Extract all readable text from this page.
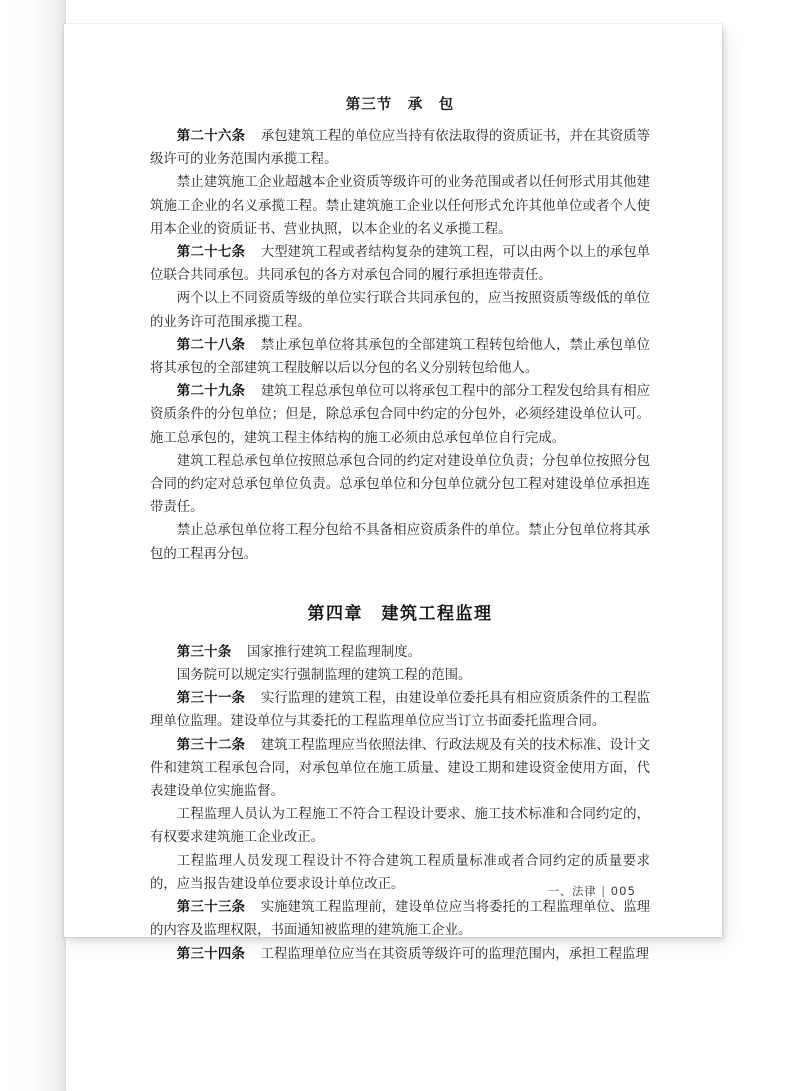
第三节　承　包

第二十六条 承包建筑工程的单位应当持有依法取得的资质证书，并在其资质等级许可的业务范围内承揽工程。

禁止建筑施工企业超越本企业资质等级许可的业务范围或者以任何形式用其他建筑施工企业的名义承揽工程。禁止建筑施工企业以任何形式允许其他单位或者个人使用本企业的资质证书、营业执照，以本企业的名义承揽工程。

第二十七条 大型建筑工程或者结构复杂的建筑工程，可以由两个以上的承包单位联合共同承包。共同承包的各方对承包合同的履行承担连带责任。

两个以上不同资质等级的单位实行联合共同承包的，应当按照资质等级低的单位的业务许可范围承揽工程。

第二十八条 禁止承包单位将其承包的全部建筑工程转包给他人，禁止承包单位将其承包的全部建筑工程肢解以后以分包的名义分别转包给他人。

第二十九条 建筑工程总承包单位可以将承包工程中的部分工程发包给具有相应资质条件的分包单位；但是，除总承包合同中约定的分包外，必须经建设单位认可。施工总承包的，建筑工程主体结构的施工必须由总承包单位自行完成。

建筑工程总承包单位按照总承包合同的约定对建设单位负责；分包单位按照分包合同的约定对总承包单位负责。总承包单位和分包单位就分包工程对建设单位承担连带责任。

禁止总承包单位将工程分包给不具备相应资质条件的单位。禁止分包单位将其承包的工程再分包。

第四章　建筑工程监理

第三十条 国家推行建筑工程监理制度。

国务院可以规定实行强制监理的建筑工程的范围。

第三十一条 实行监理的建筑工程，由建设单位委托具有相应资质条件的工程监理单位监理。建设单位与其委托的工程监理单位应当订立书面委托监理合同。

第三十二条 建筑工程监理应当依照法律、行政法规及有关的技术标准、设计文件和建筑工程承包合同，对承包单位在施工质量、建设工期和建设资金使用方面，代表建设单位实施监督。

工程监理人员认为工程施工不符合工程设计要求、施工技术标准和合同约定的，有权要求建筑施工企业改正。

工程监理人员发现工程设计不符合建筑工程质量标准或者合同约定的质量要求的，应当报告建设单位要求设计单位改正。

第三十三条 实施建筑工程监理前，建设单位应当将委托的工程监理单位、监理的内容及监理权限，书面通知被监理的建筑施工企业。

第三十四条 工程监理单位应当在其资质等级许可的监理范围内，承担工程监理

一、法律 | 005
